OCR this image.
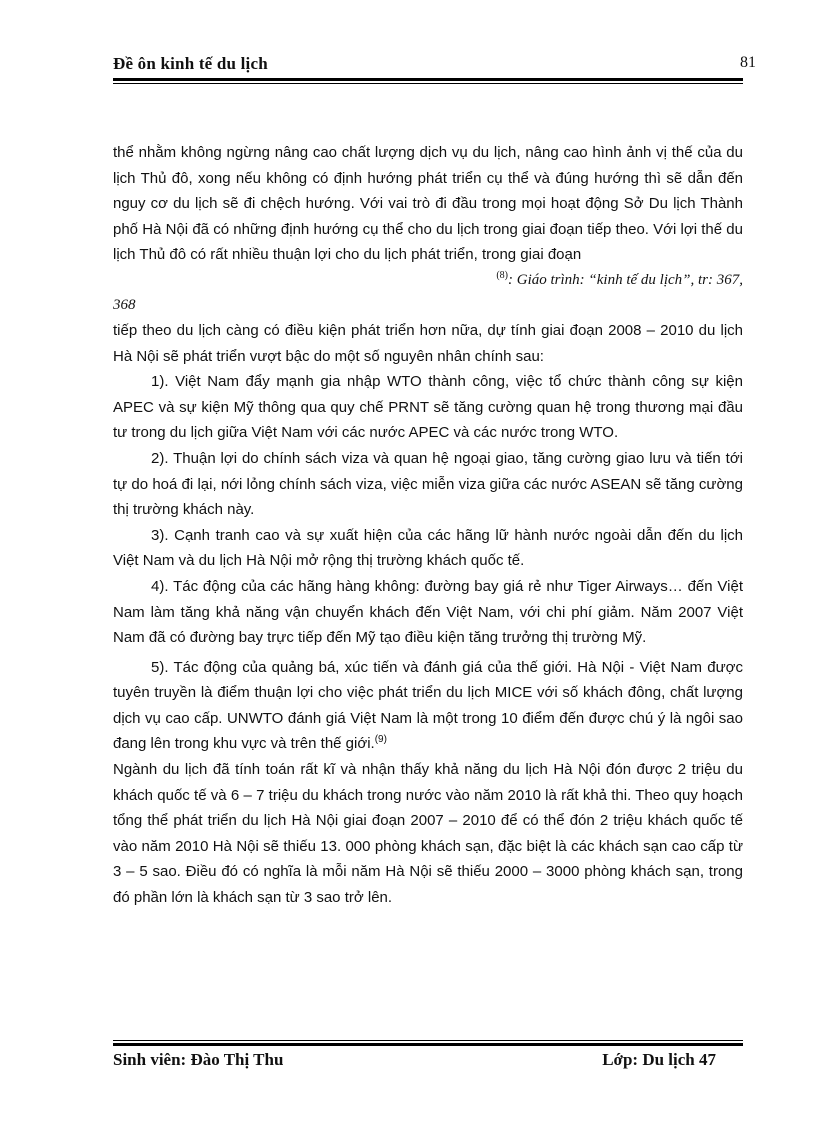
Đề ôn kinh tế du lịch	81

thể nhằm không ngừng nâng cao chất lượng dịch vụ du lịch, nâng cao hình ảnh vị thế của du lịch Thủ đô, xong nếu không có định hướng phát triển cụ thể và đúng hướng thì sẽ dẫn đến nguy cơ du lịch sẽ đi chệch hướng. Với vai trò đi đầu trong mọi hoạt động Sở Du lịch Thành phố Hà Nội đã có những định hướng cụ thể cho du lịch trong giai đoạn tiếp theo. Với lợi thế du lịch Thủ đô có rất nhiều thuận lợi cho du lịch phát triển, trong giai đoạn

$^{(8)}$: Giáo trình: “kinh tế du lịch”, tr: 367,
368

tiếp theo du lịch càng có điều kiện phát triển hơn nữa, dự tính giai đoạn 2008 – 2010 du lịch Hà Nội sẽ phát triển vượt bậc do một số nguyên nhân chính sau:

1). Việt Nam đẩy mạnh gia nhập WTO thành công, việc tổ chức thành công sự kiện APEC và sự kiện Mỹ thông qua quy chế PRNT sẽ tăng cường quan hệ trong thương mại đầu tư trong du lịch giữa Việt Nam với các nước APEC và các nước trong WTO.

2). Thuận lợi do chính sách viza và quan hệ ngoại giao, tăng cường giao lưu và tiến tới tự do hoá đi lại, nới lỏng chính sách viza, việc miễn viza giữa các nước ASEAN sẽ tăng cường thị trường khách này.

3). Cạnh tranh cao và sự xuất hiện của các hãng lữ hành nước ngoài dẫn đến du lịch Việt Nam và du lịch Hà Nội mở rộng thị trường khách quốc tế.

4). Tác động của các hãng hàng không: đường bay giá rẻ như Tiger Airways… đến Việt Nam làm tăng khả năng vận chuyển khách đến Việt Nam, với chi phí giảm. Năm 2007 Việt Nam đã có đường bay trực tiếp đến Mỹ tạo điều kiện tăng trưởng thị trường Mỹ.

5). Tác động của quảng bá, xúc tiến và đánh giá của thế giới. Hà Nội - Việt Nam được tuyên truyền là điểm thuận lợi cho việc phát triển du lịch MICE với số khách đông, chất lượng dịch vụ cao cấp. UNWTO đánh giá Việt Nam là một trong 10 điểm đến được chú ý là ngôi sao đang lên trong khu vực và trên thế giới.$^{(9)}$

Ngành du lịch đã tính toán rất kĩ và nhận thấy khả năng du lịch Hà Nội đón được 2 triệu du khách quốc tế và 6 – 7 triệu du khách trong nước vào năm 2010 là rất khả thi. Theo quy hoạch tổng thể phát triển du lịch Hà Nội giai đoạn 2007 – 2010 để có thể đón 2 triệu khách quốc tế vào năm 2010 Hà Nội sẽ thiếu 13. 000 phòng khách sạn, đặc biệt là các khách sạn cao cấp từ 3 – 5 sao. Điều đó có nghĩa là mỗi năm Hà Nội sẽ thiếu 2000 – 3000 phòng khách sạn, trong đó phần lớn là khách sạn từ 3 sao trở lên.

Sinh viên: Đào Thị Thu	Lớp: Du lịch 47
